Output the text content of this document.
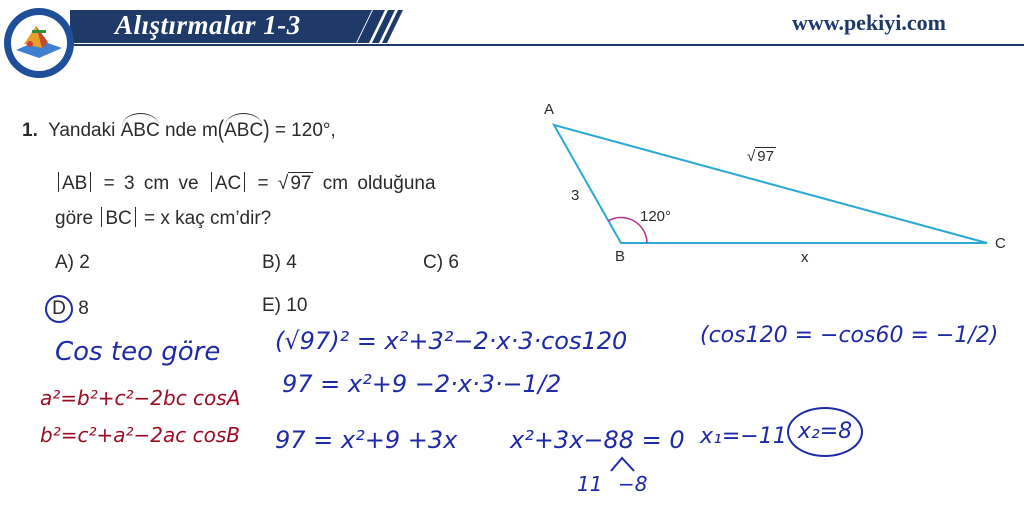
Alıştırmalar 1-3	www.pekiyi.com
1. Yandaki ABC nde m(ABC) = 120°,
AB = 3 cm ve AC = √ 97 cm olduğuna
göre BC = x kaç cm’dir?
A) 2	B) 4	C) 6
D 8	E) 10
A
B
C
3
√ 97
x
120°
Cos teo göre
a²=b²+c²−2bc cosA
b²=c²+a²−2ac cosB
(√97)² = x²+3²−2·x·3·cos120	(cos120 = −cos60 = −1/2)
97 = x²+9 −2·x·3·−1/2
97 = x²+9 +3x x²+3x−88 = 0
11 −8
x₁=−11 x₂=8
